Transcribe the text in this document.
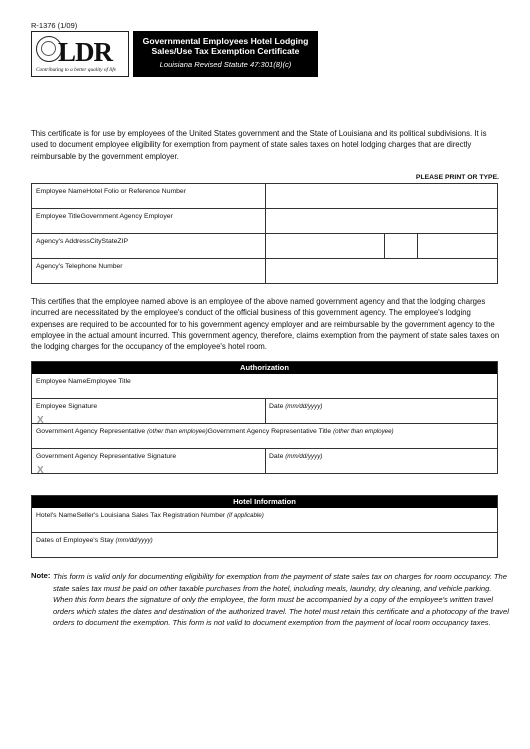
R-1376 (1/09)
LDR
Contributing to a better quality of life
Governmental Employees Hotel Lodging
Sales/Use Tax Exemption Certificate
Louisiana Revised Statute 47:301(8)(c)
This certificate is for use by employees of the United States government and the State of Louisiana and its political subdivisions. It is used to document employee eligibility for exemption from payment of state sales taxes on hotel lodging charges that are directly reimbursable by the government employer.
PLEASE PRINT OR TYPE.
Employee NameHotel Folio or Reference Number
Employee TitleGovernment Agency Employer
Agency's AddressCityStateZIP
Agency's Telephone Number
This certifies that the employee named above is an employee of the above named government agency and that the lodging charges incurred are necessitated by the employee's conduct of the official business of this government agency. The employee's lodging expenses are required to be accounted for to his government agency employer and are reimbursable by the government agency to the employee in the actual amount incurred. This government agency, therefore, claims exemption from the payment of state sales taxes on the lodging charges for the occupancy of the employee's hotel room.
Authorization
Employee NameEmployee Title
Employee Signature
X
Date (mm/dd/yyyy)
Government Agency Representative (other than employee)Government Agency Representative Title (other than employee)
Government Agency Representative Signature
X
Date (mm/dd/yyyy)
Hotel Information
Hotel's NameSeller's Louisiana Sales Tax Registration Number (if applicable)
Dates of Employee's Stay (mm/dd/yyyy)
Note: This form is valid only for documenting eligibility for exemption from the payment of state sales tax on charges for room occupancy. The state sales tax must be paid on other taxable purchases from the hotel, including meals, laundry, dry cleaning, and vehicle parking. When this form bears the signature of only the employee, the form must be accompanied by a copy of the employee's written travel orders which states the dates and destination of the authorized travel. The hotel must retain this certificate and a photocopy of the travel orders to document the exemption. This form is not valid to document exemption from the payment of local room occupancy taxes.
